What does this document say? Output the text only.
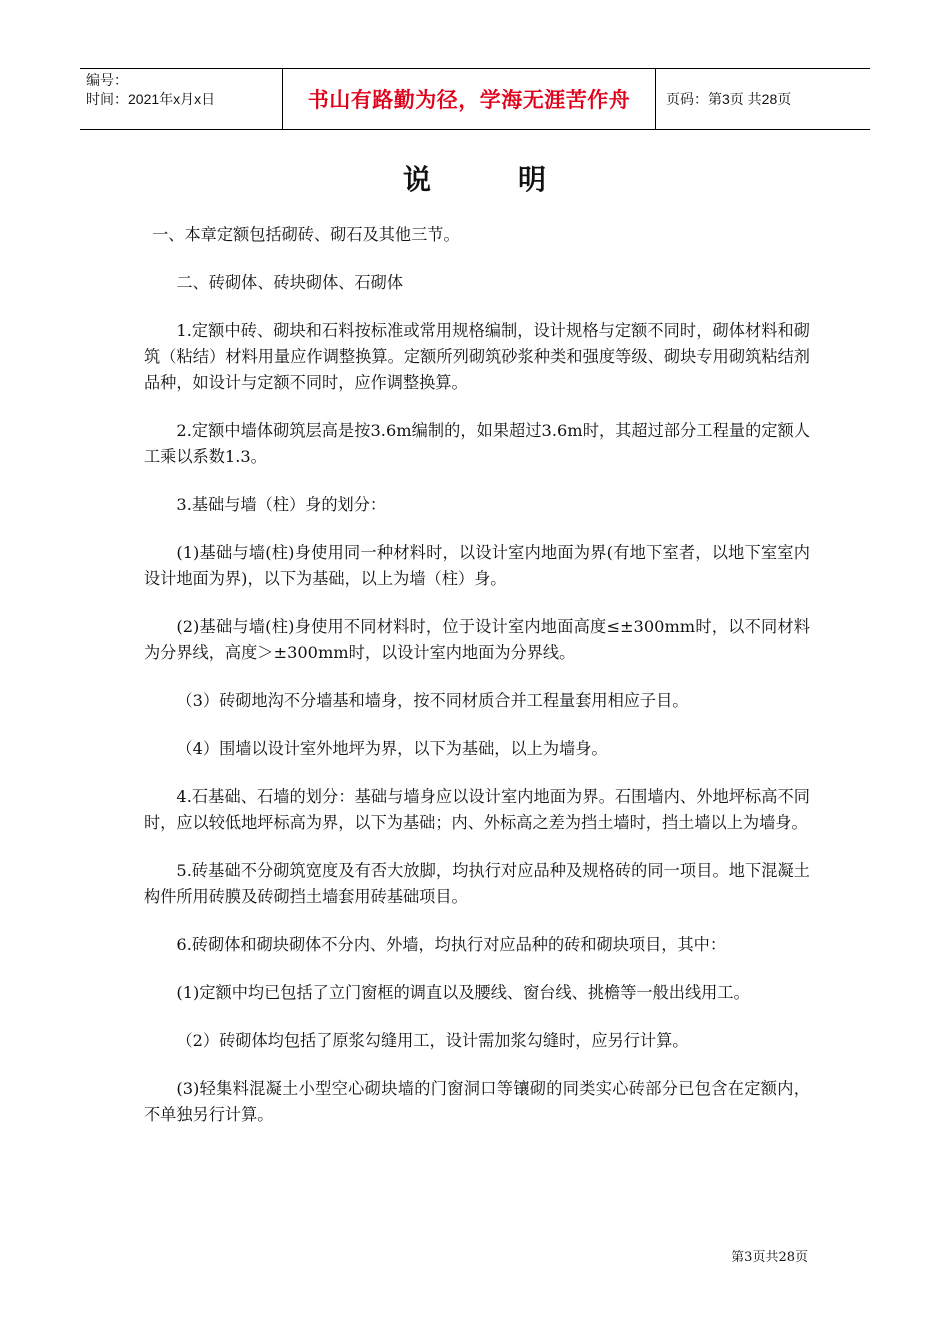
编号：
时间：2021年x月x日	书山有路勤为径，学海无涯苦作舟	页码：第3页 共28页
说	明

一、本章定额包括砌砖、砌石及其他三节。

二、砖砌体、砖块砌体、石砌体

1.定额中砖、砌块和石料按标准或常用规格编制，设计规格与定额不同时，砌体材料和砌筑（粘结）材料用量应作调整换算。定额所列砌筑砂浆种类和强度等级、砌块专用砌筑粘结剂品种，如设计与定额不同时，应作调整换算。

2.定额中墙体砌筑层高是按3.6m编制的，如果超过3.6m时，其超过部分工程量的定额人工乘以系数1.3。

3.基础与墙（柱）身的划分：

(1)基础与墙(柱)身使用同一种材料时，以设计室内地面为界(有地下室者，以地下室室内设计地面为界)，以下为基础，以上为墙（柱）身。

(2)基础与墙(柱)身使用不同材料时，位于设计室内地面高度≤±300mm时，以不同材料为分界线，高度＞±300mm时，以设计室内地面为分界线。

（3）砖砌地沟不分墙基和墙身，按不同材质合并工程量套用相应子目。

（4）围墙以设计室外地坪为界，以下为基础，以上为墙身。

4.石基础、石墙的划分：基础与墙身应以设计室内地面为界。石围墙内、外地坪标高不同时，应以较低地坪标高为界，以下为基础；内、外标高之差为挡土墙时，挡土墙以上为墙身。

5.砖基础不分砌筑宽度及有否大放脚，均执行对应品种及规格砖的同一项目。地下混凝土构件所用砖膜及砖砌挡土墙套用砖基础项目。

6.砖砌体和砌块砌体不分内、外墙，均执行对应品种的砖和砌块项目，其中：

(1)定额中均已包括了立门窗框的调直以及腰线、窗台线、挑檐等一般出线用工。

（2）砖砌体均包括了原浆勾缝用工，设计需加浆勾缝时，应另行计算。

(3)轻集料混凝土小型空心砌块墙的门窗洞口等镶砌的同类实心砖部分已包含在定额内，不单独另行计算。

第3页共28页
